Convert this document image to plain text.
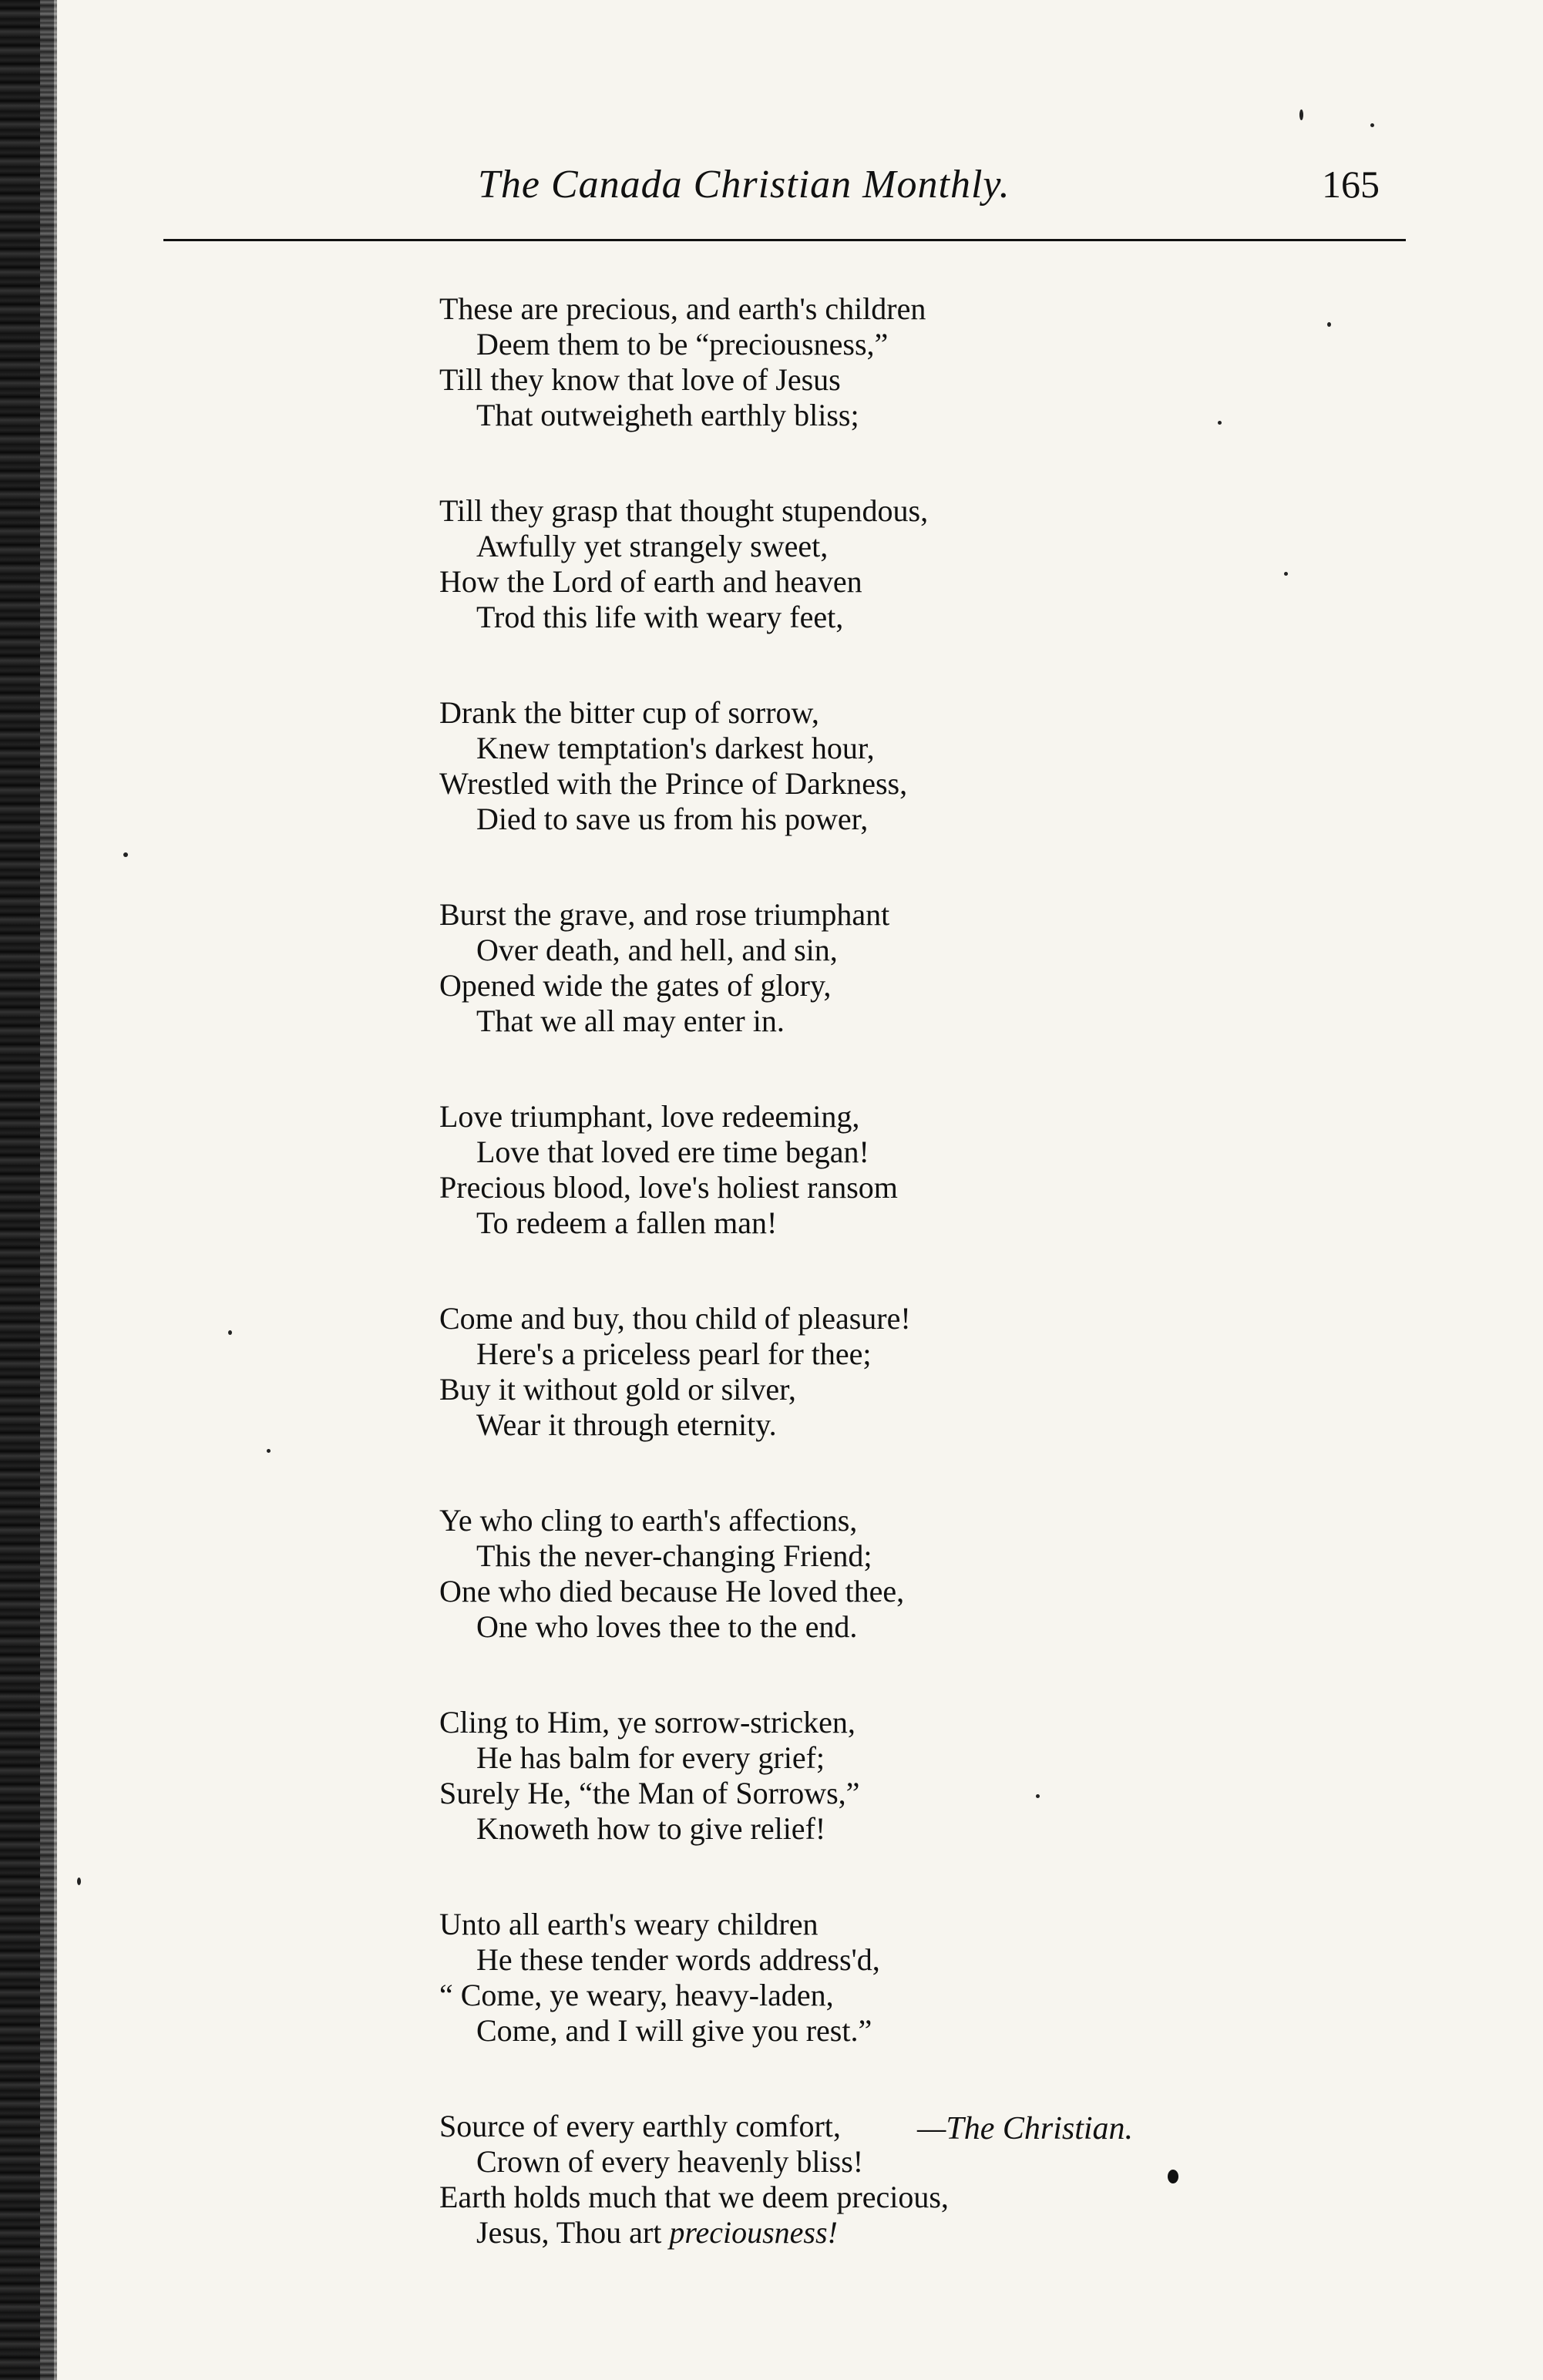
The Canada Christian Monthly.	165
These are precious, and earth's children
Deem them to be “preciousness,”
Till they know that love of Jesus
That outweigheth earthly bliss;
Till they grasp that thought stupendous,
Awfully yet strangely sweet,
How the Lord of earth and heaven
Trod this life with weary feet,
Drank the bitter cup of sorrow,
Knew temptation's darkest hour,
Wrestled with the Prince of Darkness,
Died to save us from his power,
Burst the grave, and rose triumphant
Over death, and hell, and sin,
Opened wide the gates of glory,
That we all may enter in.
Love triumphant, love redeeming,
Love that loved ere time began!
Precious blood, love's holiest ransom
To redeem a fallen man!
Come and buy, thou child of pleasure!
Here's a priceless pearl for thee;
Buy it without gold or silver,
Wear it through eternity.
Ye who cling to earth's affections,
This the never-changing Friend;
One who died because He loved thee,
One who loves thee to the end.
Cling to Him, ye sorrow-stricken,
He has balm for every grief;
Surely He, “the Man of Sorrows,”
Knoweth how to give relief!
Unto all earth's weary children
He these tender words address'd,
“ Come, ye weary, heavy-laden,
Come, and I will give you rest.”
Source of every earthly comfort,
Crown of every heavenly bliss!
Earth holds much that we deem precious,
Jesus, Thou art preciousness!
—The Christian.
